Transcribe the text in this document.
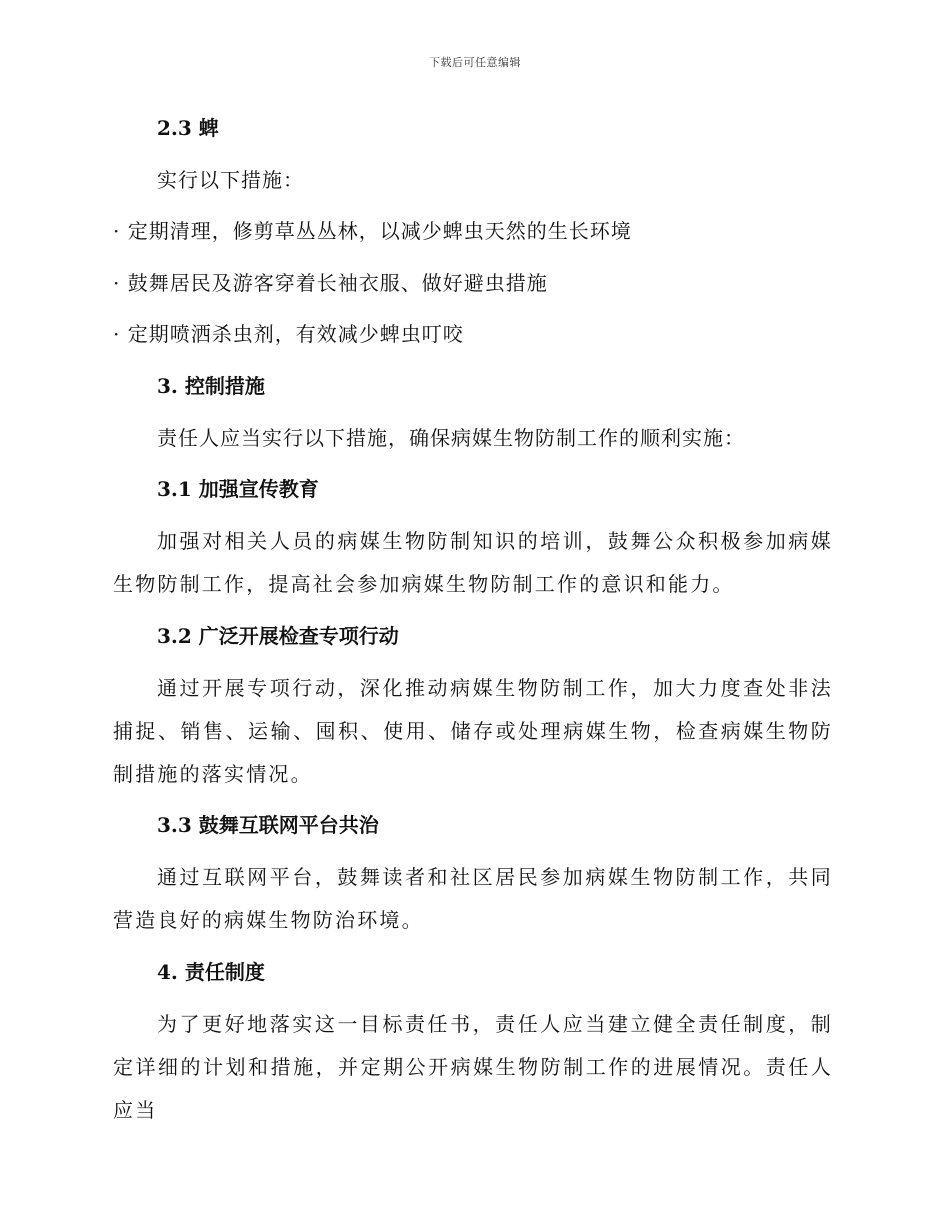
下载后可任意编辑
2.3 蜱
实行以下措施：
· 定期清理，修剪草丛丛林，以减少蜱虫天然的生长环境
· 鼓舞居民及游客穿着长袖衣服、做好避虫措施
· 定期喷洒杀虫剂，有效减少蜱虫叮咬
3. 控制措施
责任人应当实行以下措施，确保病媒生物防制工作的顺利实施：
3.1 加强宣传教育
加强对相关人员的病媒生物防制知识的培训，鼓舞公众积极参加病媒生物防制工作，提高社会参加病媒生物防制工作的意识和能力。
3.2 广泛开展检查专项行动
通过开展专项行动，深化推动病媒生物防制工作，加大力度查处非法捕捉、销售、运输、囤积、使用、储存或处理病媒生物，检查病媒生物防制措施的落实情况。
3.3 鼓舞互联网平台共治
通过互联网平台，鼓舞读者和社区居民参加病媒生物防制工作，共同营造良好的病媒生物防治环境。
4. 责任制度
为了更好地落实这一目标责任书，责任人应当建立健全责任制度，制定详细的计划和措施，并定期公开病媒生物防制工作的进展情况。责任人应当
